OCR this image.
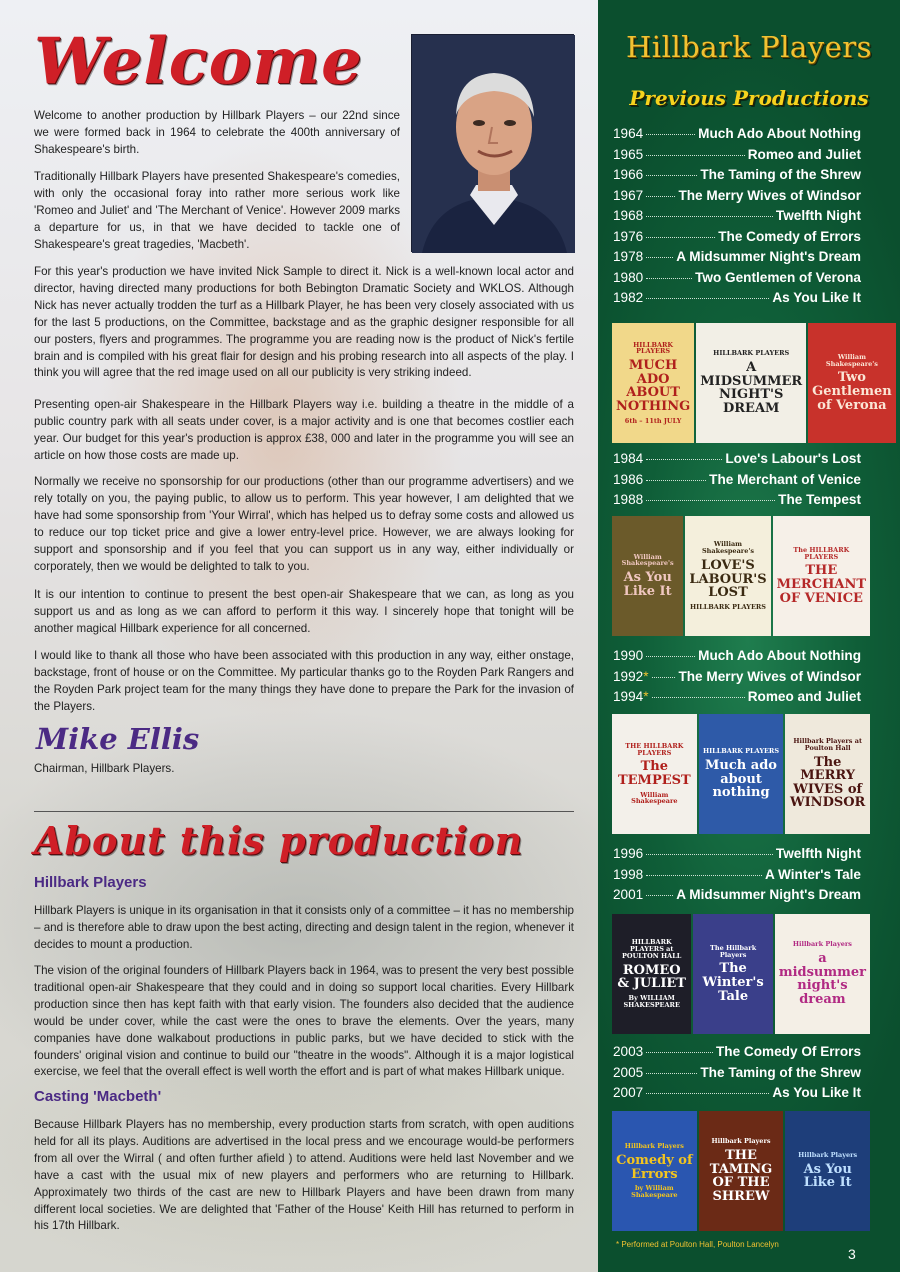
Welcome

Welcome to another production by Hillbark Players – our 22nd since we were formed back in 1964 to celebrate the 400th anniversary of Shakespeare's birth.

Traditionally Hillbark Players have presented Shakespeare's comedies, with only the occasional foray into rather more serious work like 'Romeo and Juliet' and 'The Merchant of Venice'. However 2009 marks a departure for us, in that we have decided to tackle one of Shakespeare's great tragedies, 'Macbeth'.

For this year's production we have invited Nick Sample to direct it. Nick is a well-known local actor and director, having directed many productions for both Bebington Dramatic Society and WKLOS. Although Nick has never actually trodden the turf as a Hillbark Player, he has been very closely associated with us for the last 5 productions, on the Committee, backstage and as the graphic designer responsible for all our posters, flyers and programmes. The programme you are reading now is the product of Nick's fertile brain and is compiled with his great flair for design and his probing research into all aspects of the play. I think you will agree that the red image used on all our publicity is very striking indeed.

Presenting open-air Shakespeare in the Hillbark Players way i.e. building a theatre in the middle of a public country park with all seats under cover, is a major activity and is one that becomes costlier each year. Our budget for this year's production is approx £38, 000 and later in the programme you will see an article on how those costs are made up.

Normally we receive no sponsorship for our productions (other than our programme advertisers) and we rely totally on you, the paying public, to allow us to perform. This year however, I am delighted that we have had some sponsorship from 'Your Wirral', which has helped us to defray some costs and allowed us to reduce our top ticket price and give a lower entry-level price. However, we are always looking for support and sponsorship and if you feel that you can support us in any way, either individually or corporately, then we would be delighted to talk to you.

It is our intention to continue to present the best open-air Shakespeare that we can, as long as you support us and as long as we can afford to perform it this way. I sincerely hope that tonight will be another magical Hillbark experience for all concerned.

I would like to thank all those who have been associated with this production in any way, either onstage, backstage, front of house or on the Committee. My particular thanks go to the Royden Park Rangers and the Royden Park project team for the many things they have done to prepare the Park for the invasion of the Players.

Mike Ellis
Chairman, Hillbark Players.
About this production
Hillbark Players

Hillbark Players is unique in its organisation in that it consists only of a committee – it has no membership – and is therefore able to draw upon the best acting, directing and design talent in the region, whenever it decides to mount a production.

The vision of the original founders of Hillbark Players back in 1964, was to present the very best possible traditional open-air Shakespeare that they could and in doing so support local charities. Every Hillbark production since then has kept faith with that early vision. The founders also decided that the audience would be under cover, while the cast were the ones to brave the elements. Over the years, many companies have done walkabout productions in public parks, but we have decided to stick with the founders' original vision and continue to build our "theatre in the woods". Although it is a major logistical exercise, we feel that the overall effect is well worth the effort and is part of what makes Hillbark unique.

Casting 'Macbeth'

Because Hillbark Players has no membership, every production starts from scratch, with open auditions held for all its plays. Auditions are advertised in the local press and we encourage would-be performers from all over the Wirral ( and often further afield ) to attend. Auditions were held last November and we have a cast with the usual mix of new players and performers who are returning to Hillbark. Approximately two thirds of the cast are new to Hillbark Players and have been drawn from many different local societies. We are delighted that 'Father of the House' Keith Hill has returned to perform in his 17th Hillbark.

Hillbark Players
Previous Productions
1964	Much Ado About Nothing
1965	Romeo and Juliet
1966	The Taming of the Shrew
1967	The Merry Wives of Windsor
1968	Twelfth Night
1976	The Comedy of Errors
1978 A Midsummer Night's Dream
1980	Two Gentlemen of Verona
1982	As You Like It
HILLBARK PLAYERS
MUCH ADO ABOUT NOTHING
6th – 11th JULY
HILLBARK PLAYERS
A MIDSUMMER NIGHT'S DREAM
William Shakespeare's
Two Gentlemen of Verona
1984	Love's Labour's Lost
1986	The Merchant of Venice
1988	The Tempest
William Shakespeare's
As You Like It
William Shakespeare's
LOVE'S LABOUR'S LOST
HILLBARK PLAYERS
The HILLBARK PLAYERS
THE MERCHANT OF VENICE
1990	Much Ado About Nothing
1992 * The Merry Wives of Windsor
1994 *	Romeo and Juliet
THE HILLBARK PLAYERS
The TEMPEST
William Shakespeare
HILLBARK PLAYERS
Much ado about nothing
Hillbark Players at Poulton Hall
The MERRY WIVES of WINDSOR
1996	Twelfth Night
1998	A Winter's Tale
2001 A Midsummer Night's Dream
HILLBARK PLAYERS at POULTON HALL
ROMEO & JULIET
By WILLIAM SHAKESPEARE
The Hillbark Players
The Winter's Tale
Hillbark Players
a midsummer night's dream
2003	The Comedy Of Errors
2005	The Taming of the Shrew
2007	As You Like It
Hillbark Players
Comedy of Errors
by William Shakespeare
Hillbark Players
THE TAMING OF THE SHREW
Hillbark Players
As You Like It
* Performed at Poulton Hall, Poulton Lancelyn
3
